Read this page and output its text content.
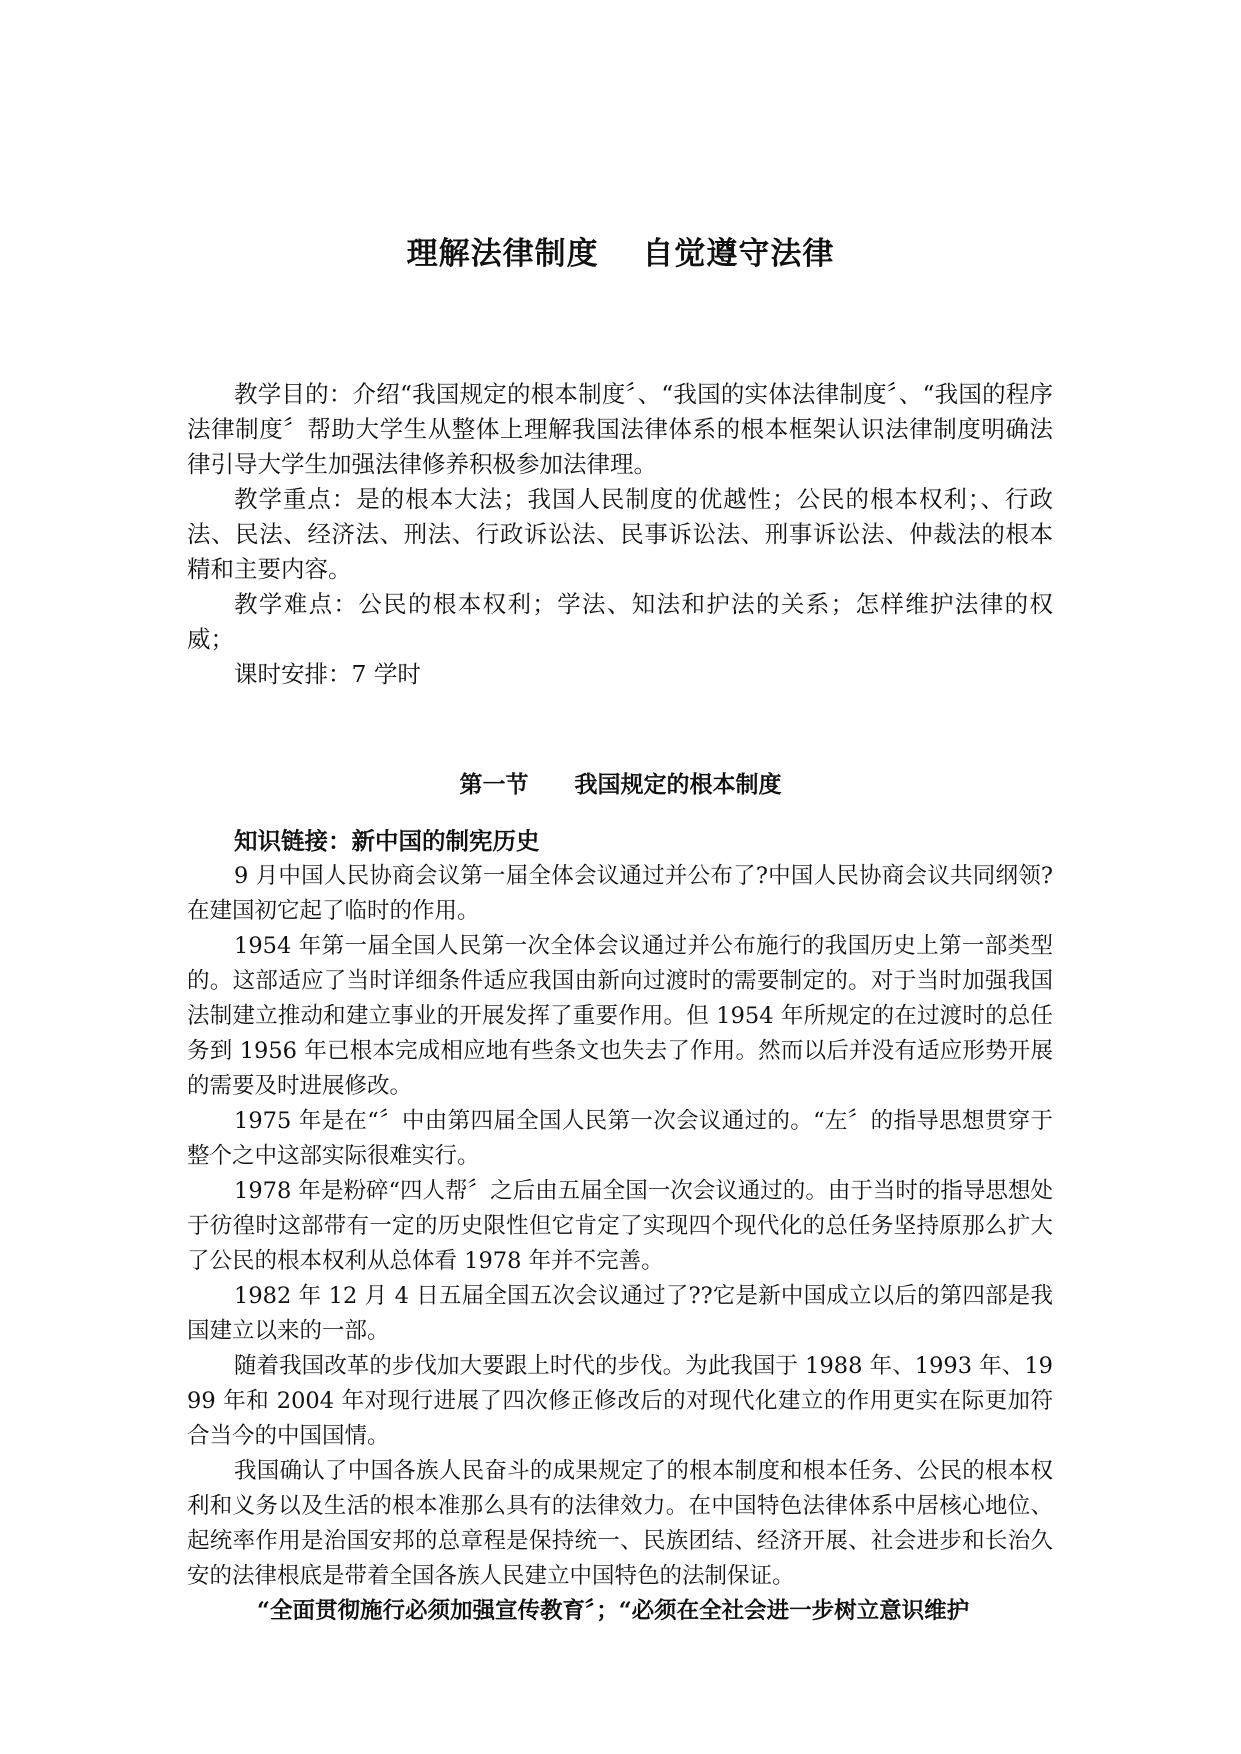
理解法律制度　 自觉遵守法律

教学目的：介绍“我国规定的根本制度〞、“我国的实体法律制度〞、“我国的程序法律制度〞帮助大学生从整体上理解我国法律体系的根本框架认识法律制度明确法律引导大学生加强法律修养积极参加法律理。

教学重点：是的根本大法；我国人民制度的优越性；公民的根本权利；、行政法、民法、经济法、刑法、行政诉讼法、民事诉讼法、刑事诉讼法、仲裁法的根本精和主要内容。

教学难点：公民的根本权利；学法、知法和护法的关系；怎样维护法律的权威；

课时安排：7 学时

第一节　　我国规定的根本制度

知识链接：新中国的制宪历史

9 月中国人民协商会议第一届全体会议通过并公布了?中国人民协商会议共同纲领?在建国初它起了临时的作用。

1954 年第一届全国人民第一次全体会议通过并公布施行的我国历史上第一部类型的。这部适应了当时详细条件适应我国由新向过渡时的需要制定的。对于当时加强我国法制建立推动和建立事业的开展发挥了重要作用。但 1954 年所规定的在过渡时的总任务到 1956 年已根本完成相应地有些条文也失去了作用。然而以后并没有适应形势开展的需要及时进展修改。

1975 年是在“〞中由第四届全国人民第一次会议通过的。“左〞的指导思想贯穿于整个之中这部实际很难实行。

1978 年是粉碎“四人帮〞之后由五届全国一次会议通过的。由于当时的指导思想处于彷徨时这部带有一定的历史限性但它肯定了实现四个现代化的总任务坚持原那么扩大了公民的根本权利从总体看 1978 年并不完善。

1982 年 12 月 4 日五届全国五次会议通过了??它是新中国成立以后的第四部是我国建立以来的一部。

随着我国改革的步伐加大要跟上时代的步伐。为此我国于 1988 年、1993 年、1999 年和 2004 年对现行进展了四次修正修改后的对现代化建立的作用更实在际更加符合当今的中国国情。

我国确认了中国各族人民奋斗的成果规定了的根本制度和根本任务、公民的根本权利和义务以及生活的根本准那么具有的法律效力。在中国特色法律体系中居核心地位、起统率作用是治国安邦的总章程是保持统一、民族团结、经济开展、社会进步和长治久安的法律根底是带着全国各族人民建立中国特色的法制保证。

“全面贯彻施行必须加强宣传教育〞；“必须在全社会进一步树立意识维护
